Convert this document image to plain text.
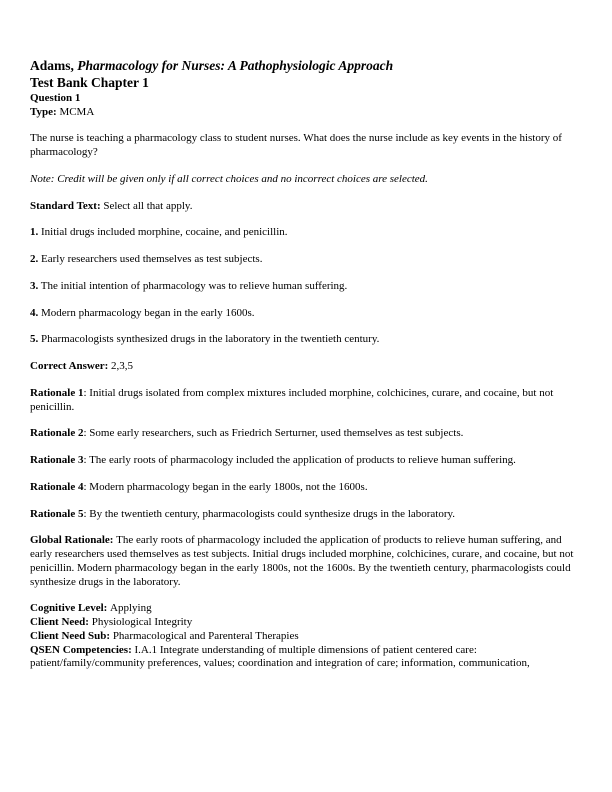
Adams, Pharmacology for Nurses: A Pathophysiologic Approach

Test Bank Chapter 1

Question 1

Type: MCMA

The nurse is teaching a pharmacology class to student nurses. What does the nurse include as key events in the history of pharmacology?

Note: Credit will be given only if all correct choices and no incorrect choices are selected.

Standard Text: Select all that apply.

1. Initial drugs included morphine, cocaine, and penicillin.

2. Early researchers used themselves as test subjects.

3. The initial intention of pharmacology was to relieve human suffering.

4. Modern pharmacology began in the early 1600s.

5. Pharmacologists synthesized drugs in the laboratory in the twentieth century.

Correct Answer: 2,3,5

Rationale 1: Initial drugs isolated from complex mixtures included morphine, colchicines, curare, and cocaine, but not penicillin.

Rationale 2: Some early researchers, such as Friedrich Serturner, used themselves as test subjects.

Rationale 3: The early roots of pharmacology included the application of products to relieve human suffering.

Rationale 4: Modern pharmacology began in the early 1800s, not the 1600s.

Rationale 5: By the twentieth century, pharmacologists could synthesize drugs in the laboratory.

Global Rationale: The early roots of pharmacology included the application of products to relieve human suffering, and early researchers used themselves as test subjects. Initial drugs included morphine, colchicines, curare, and cocaine, but not penicillin. Modern pharmacology began in the early 1800s, not the 1600s. By the twentieth century, pharmacologists could synthesize drugs in the laboratory.

Cognitive Level: Applying

Client Need: Physiological Integrity

Client Need Sub: Pharmacological and Parenteral Therapies

QSEN Competencies: I.A.1 Integrate understanding of multiple dimensions of patient centered care: patient/family/community preferences, values; coordination and integration of care; information, communication,
